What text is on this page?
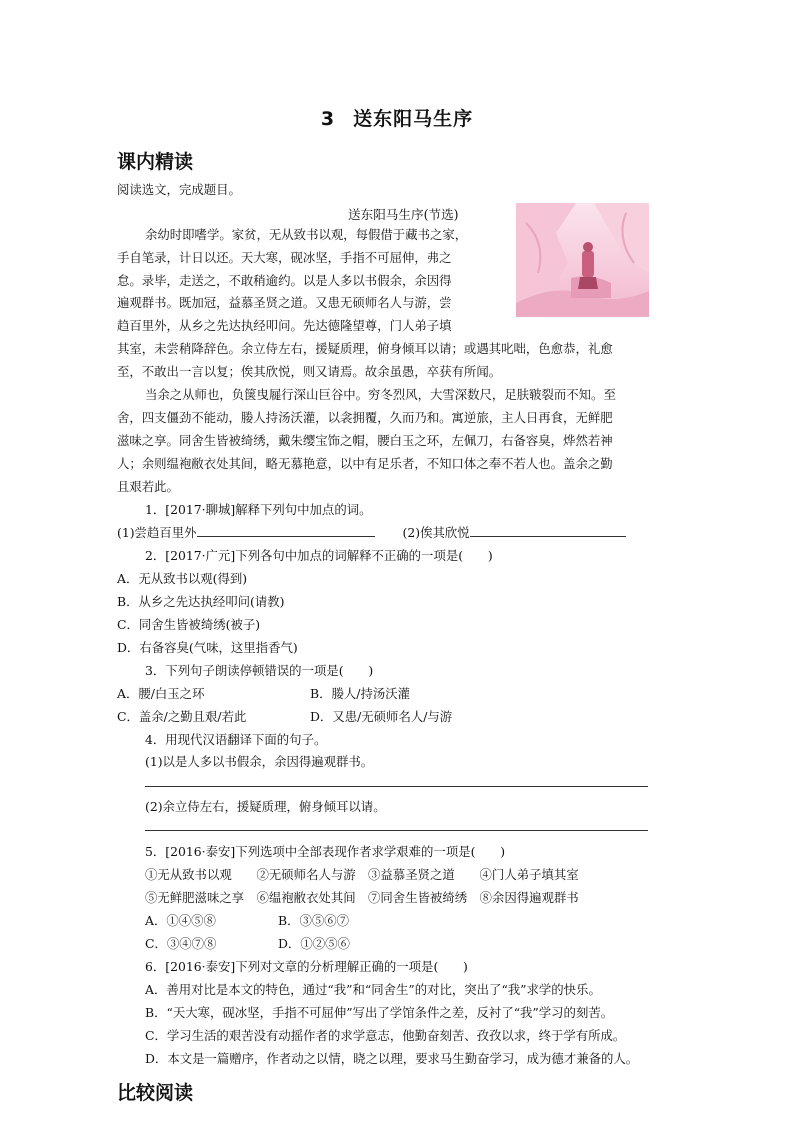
3 送东阳马生序
课内精读
阅读选文，完成题目。
送东阳马生序(节选)
余幼时即嗜学。家贫，无从致书以观，每假借于藏书之家，
手自笔录，计日以还。天大寒，砚冰坚，手指不可屈伸，弗之
怠。录毕，走送之，不敢稍逾约。以是人多以书假余，余因得
遍观群书。既加冠，益慕圣贤之道。又患无硕师名人与游，尝
趋百里外，从乡之先达执经叩问。先达德隆望尊，门人弟子填
其室，未尝稍降辞色。余立侍左右，援疑质理，俯身倾耳以请；或遇其叱咄，色愈恭，礼愈
至，不敢出一言以复；俟其欣悦，则又请焉。故余虽愚，卒获有所闻。
当余之从师也，负箧曳屣行深山巨谷中。穷冬烈风，大雪深数尺，足肤皲裂而不知。至
舍，四支僵劲不能动，媵人持汤沃灌，以衾拥覆，久而乃和。寓逆旅，主人日再食，无鲜肥
滋味之享。同舍生皆被绮绣，戴朱缨宝饰之帽，腰白玉之环，左佩刀，右备容臭，烨然若神
人；余则缊袍敝衣处其间，略无慕艳意，以中有足乐者，不知口体之奉不若人也。盖余之勤
且艰若此。
1．[2017·聊城]解释下列句中加点的词。
(1)尝趋百里外	(2)俟其欣悦
2．[2017·广元]下列各句中加点的词解释不正确的一项是(　　)
A．无从致书以观(得到)
B．从乡之先达执经叩问(请教)
C．同舍生皆被绮绣(被子)
D．右备容臭(气味，这里指香气)
3．下列句子朗读停顿错误的一项是(　　)
A．腰/白玉之环	B．媵人/持汤沃灌
C．盖余/之勤且艰/若此	D．又患/无硕师名人/与游
4．用现代汉语翻译下面的句子。
(1)以是人多以书假余，余因得遍观群书。
(2)余立侍左右，援疑质理，俯身倾耳以请。
5．[2016·泰安]下列选项中全部表现作者求学艰难的一项是(　　)
①无从致书以观　　②无硕师名人与游　③益慕圣贤之道　　④门人弟子填其室
⑤无鲜肥滋味之享　⑥缊袍敝衣处其间　⑦同舍生皆被绮绣　⑧余因得遍观群书
A．①④⑤⑧	B．③⑤⑥⑦
C．③④⑦⑧	D．①②⑤⑥
6．[2016·泰安]下列对文章的分析理解正确的一项是(　　)
A．善用对比是本文的特色，通过“我”和“同舍生”的对比，突出了“我”求学的快乐。
B．“天大寒，砚冰坚，手指不可屈伸”写出了学馆条件之差，反衬了“我”学习的刻苦。
C．学习生活的艰苦没有动摇作者的求学意志，他勤奋刻苦、孜孜以求，终于学有所成。
D．本文是一篇赠序，作者动之以情，晓之以理，要求马生勤奋学习，成为德才兼备的人。
比较阅读
